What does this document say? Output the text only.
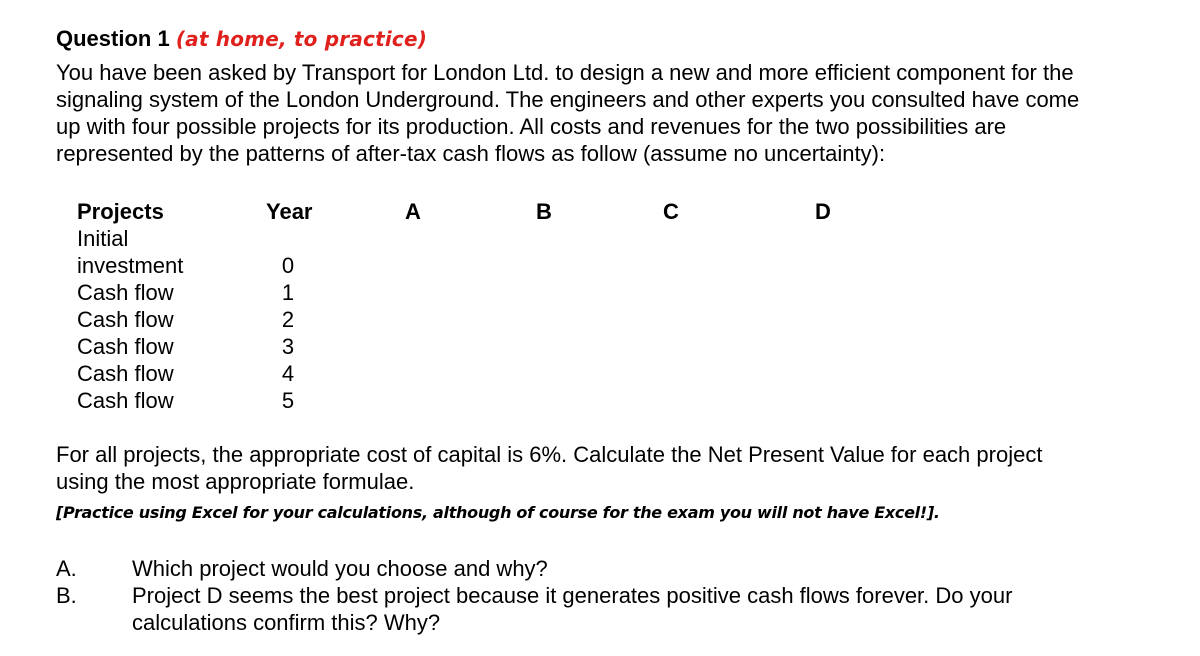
Question 1 (at home, to practice)
You have been asked by Transport for London Ltd. to design a new and more efficient component for the
signaling system of the London Underground. The engineers and other experts you consulted have come
up with four possible projects for its production. All costs and revenues for the two possibilities are
represented by the patterns of after-tax cash flows as follow (assume no uncertainty):
Projects	Year	A	B	C	D
Initial
investment	0
Cash flow	1
Cash flow	2
Cash flow	3
Cash flow	4
Cash flow	5
For all projects, the appropriate cost of capital is 6%. Calculate the Net Present Value for each project
using the most appropriate formulae.
[Practice using Excel for your calculations, although of course for the exam you will not have Excel!].
A.	Which project would you choose and why?
B.	Project D seems the best project because it generates positive cash flows forever. Do your
calculations confirm this? Why?
